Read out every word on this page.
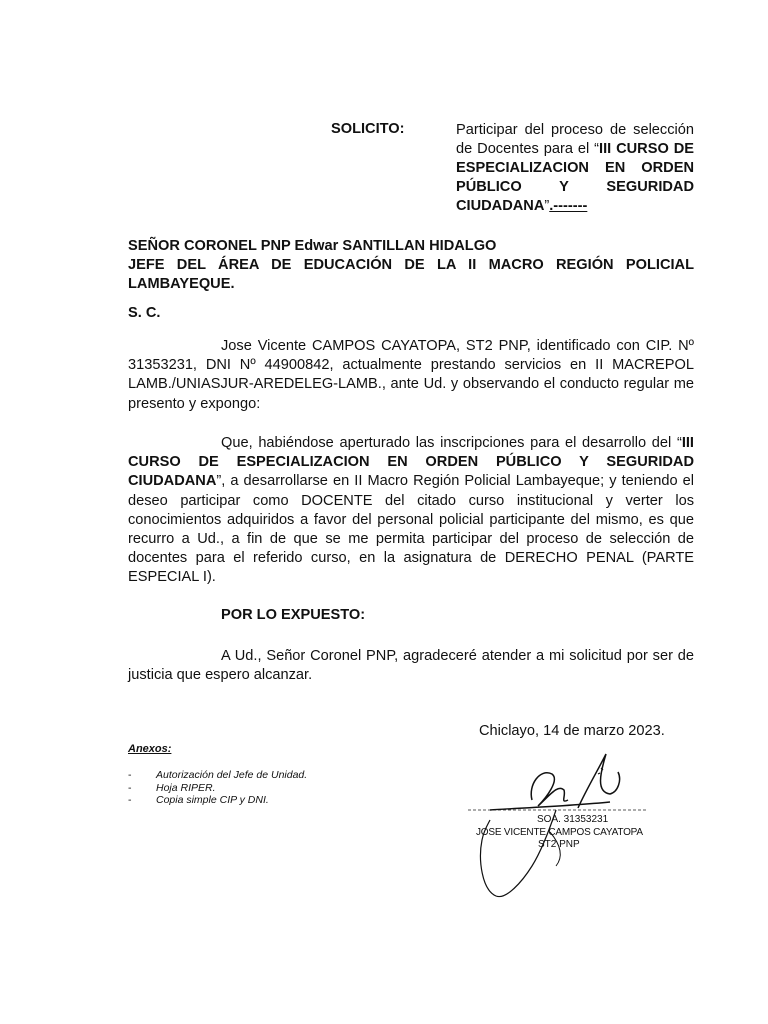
SOLICITO:	Participar del proceso de selección de Docentes para el “III CURSO DE ESPECIALIZACION EN ORDEN PÚBLICO Y SEGURIDAD CIUDADANA”.-------
SEÑOR CORONEL PNP Edwar SANTILLAN HIDALGO
JEFE DEL ÁREA DE EDUCACIÓN DE LA II MACRO REGIÓN POLICIAL
LAMBAYEQUE.
S. C.
Jose Vicente CAMPOS CAYATOPA, ST2 PNP, identificado con CIP. Nº 31353231, DNI Nº 44900842, actualmente prestando servicios en II MACREPOL LAMB./UNIASJUR-AREDELEG-LAMB., ante Ud. y observando el conducto regular me presento y expongo:
Que, habiéndose aperturado las inscripciones para el desarrollo del “III CURSO DE ESPECIALIZACION EN ORDEN PÚBLICO Y SEGURIDAD CIUDADANA”, a desarrollarse en II Macro Región Policial Lambayeque; y teniendo el deseo participar como DOCENTE del citado curso institucional y verter los conocimientos adquiridos a favor del personal policial participante del mismo, es que recurro a Ud., a fin de que se me permita participar del proceso de selección de docentes para el referido curso, en la asignatura de DERECHO PENAL (PARTE ESPECIAL I).
POR LO EXPUESTO:
A Ud., Señor Coronel PNP, agradeceré atender a mi solicitud por ser de justicia que espero alcanzar.
Chiclayo, 14 de marzo 2023.
Anexos:
-	Autorización del Jefe de Unidad.
-	Hoja RIPER.
-	Copia simple CIP y DNI.
SOA. 31353231
JOSE VICENTE CAMPOS CAYATOPA
ST2 PNP
